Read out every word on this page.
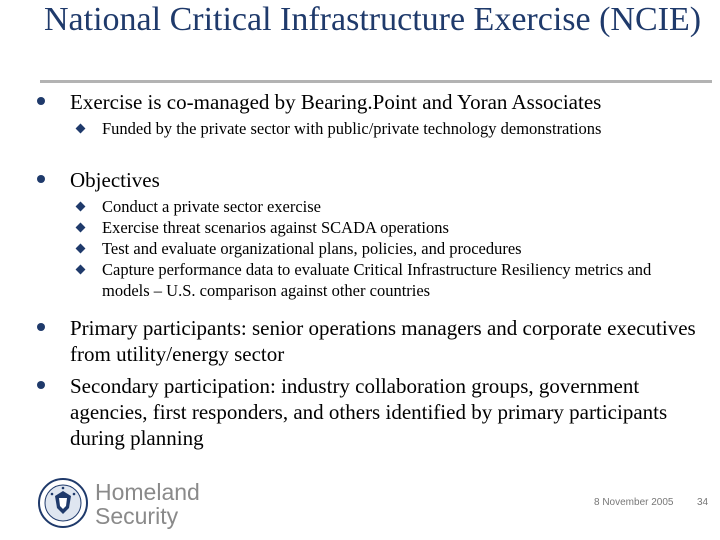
National Critical Infrastructure Exercise (NCIE)
Exercise is co-managed by Bearing.Point and Yoran Associates
Funded by the private sector with public/private technology demonstrations
Objectives
Conduct a private sector exercise
Exercise threat scenarios against SCADA operations
Test and evaluate organizational plans, policies, and procedures
Capture performance data to evaluate Critical Infrastructure Resiliency metrics and models – U.S. comparison against other countries
Primary participants: senior operations managers and corporate executives from utility/energy sector
Secondary participation: industry collaboration groups, government agencies, first responders, and others identified by primary participants during planning
Homeland
Security
8 November 2005 34
